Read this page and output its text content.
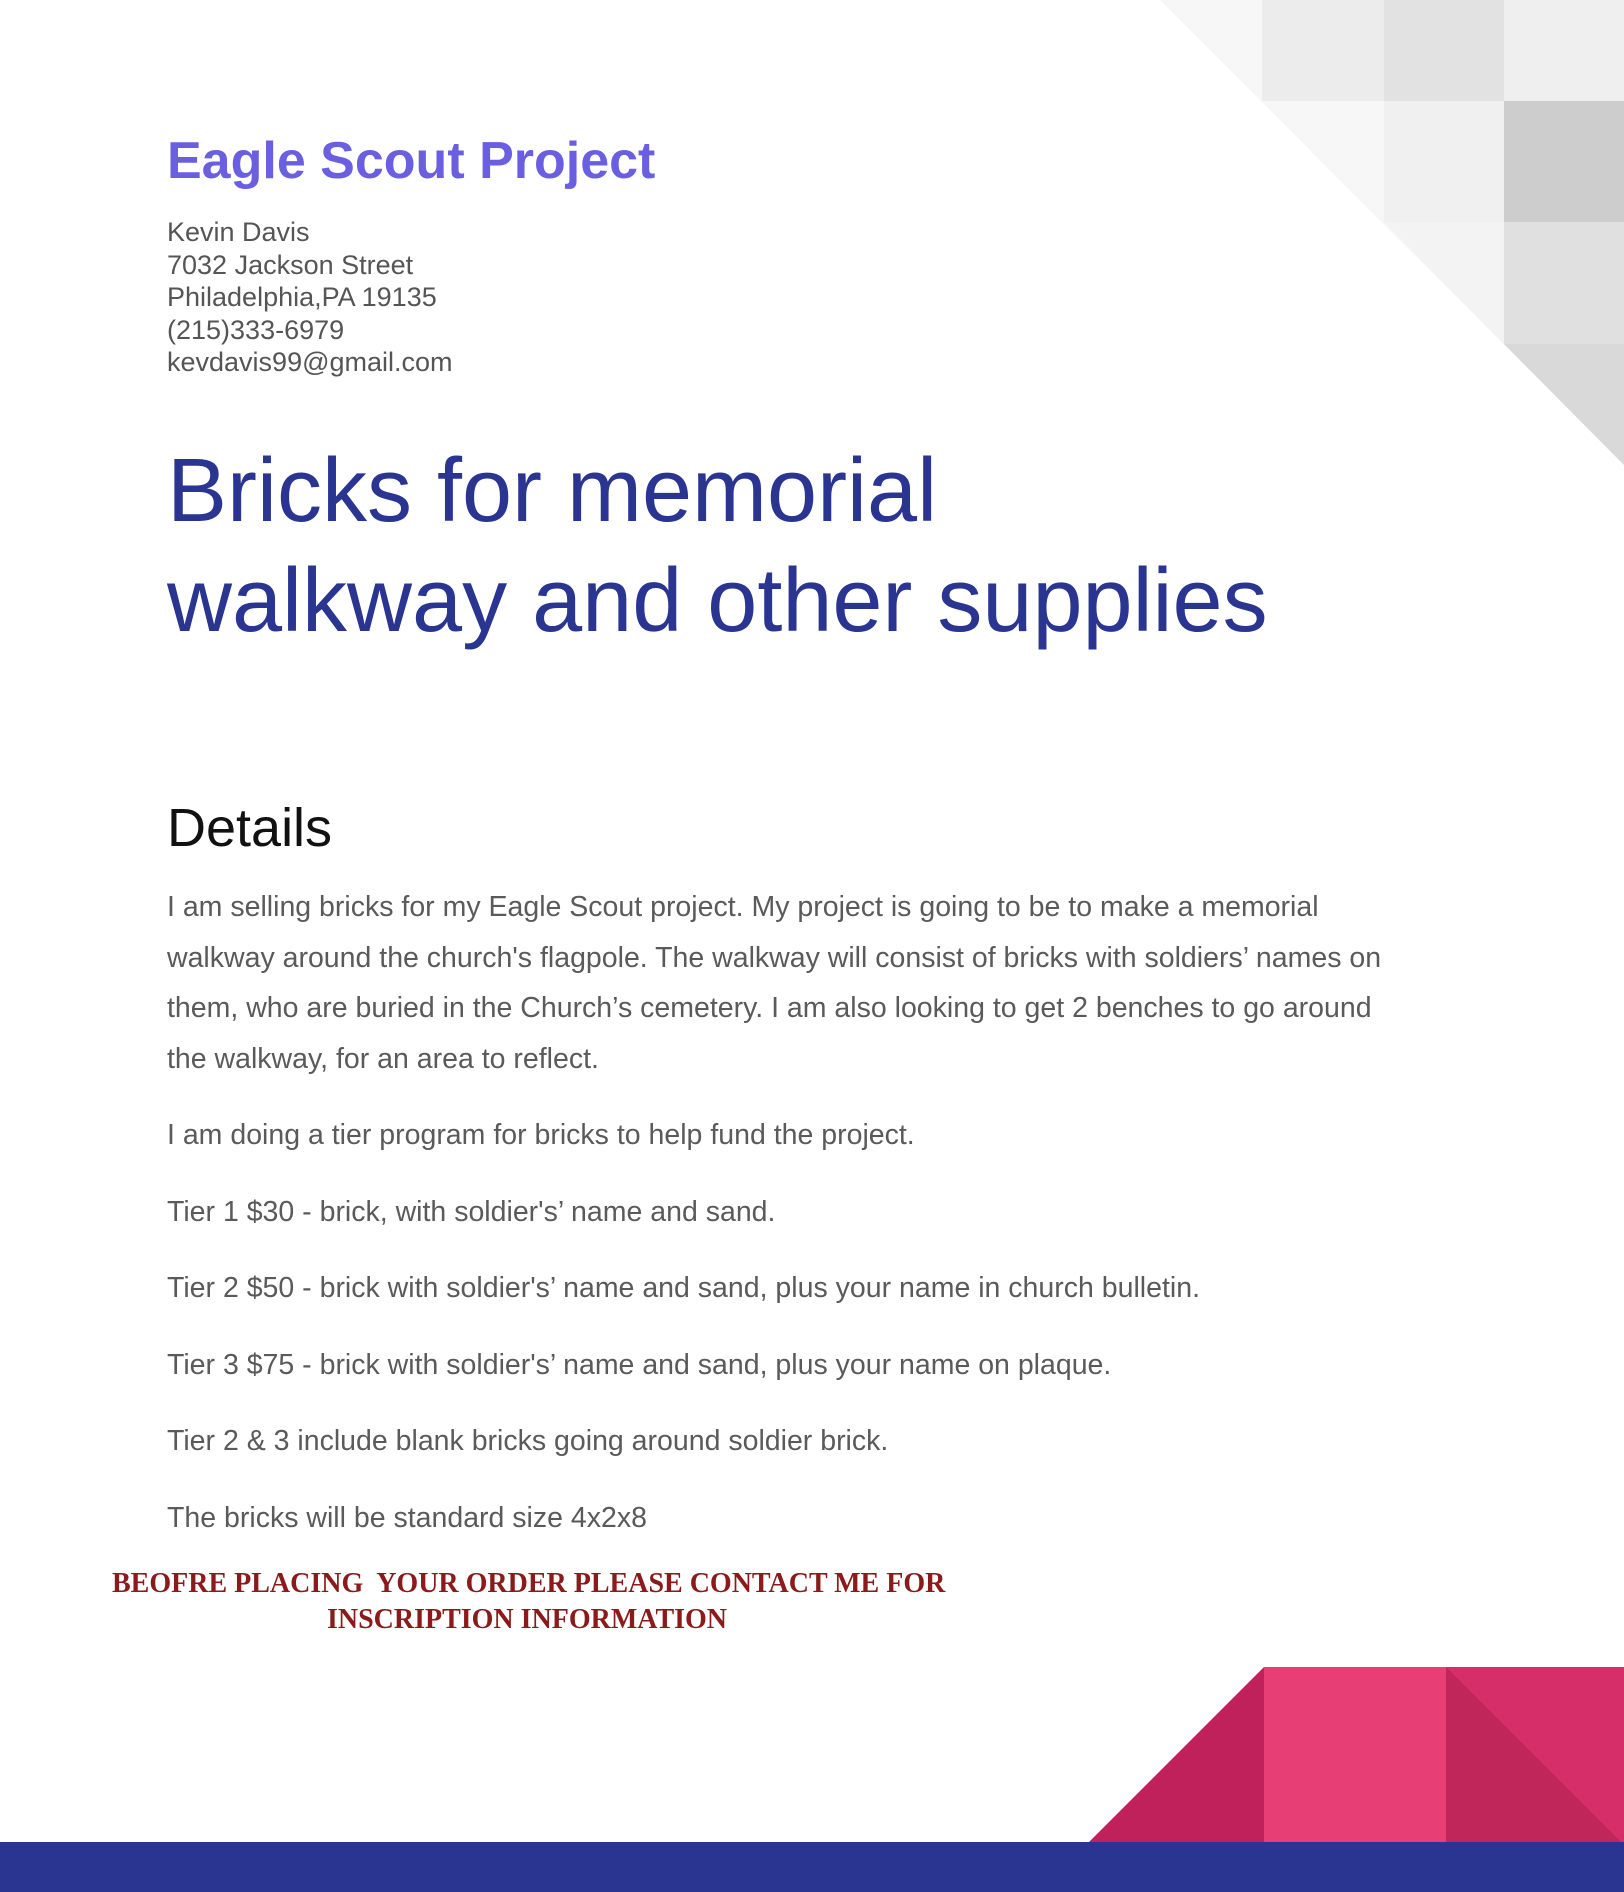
Eagle Scout Project
Kevin Davis
7032 Jackson Street
Philadelphia,PA 19135
(215)333-6979
kevdavis99@gmail.com
Bricks for memorial
walkway and other supplies
Details

I am selling bricks for my Eagle Scout project. My project is going to be to make a memorial walkway around the church's flagpole. The walkway will consist of bricks with soldiers’ names on them, who are buried in the Church’s cemetery. I am also looking to get 2 benches to go around the walkway, for an area to reflect.

I am doing a tier program for bricks to help fund the project.

Tier 1 $30 - brick, with soldier's’ name and sand.

Tier 2 $50 - brick with soldier's’ name and sand, plus your name in church bulletin.

Tier 3 $75 - brick with soldier's’ name and sand, plus your name on plaque.

Tier 2 & 3 include blank bricks going around soldier brick.

The bricks will be standard size 4x2x8

BEOFRE PLACING  YOUR ORDER PLEASE CONTACT ME FOR
INSCRIPTION INFORMATION
